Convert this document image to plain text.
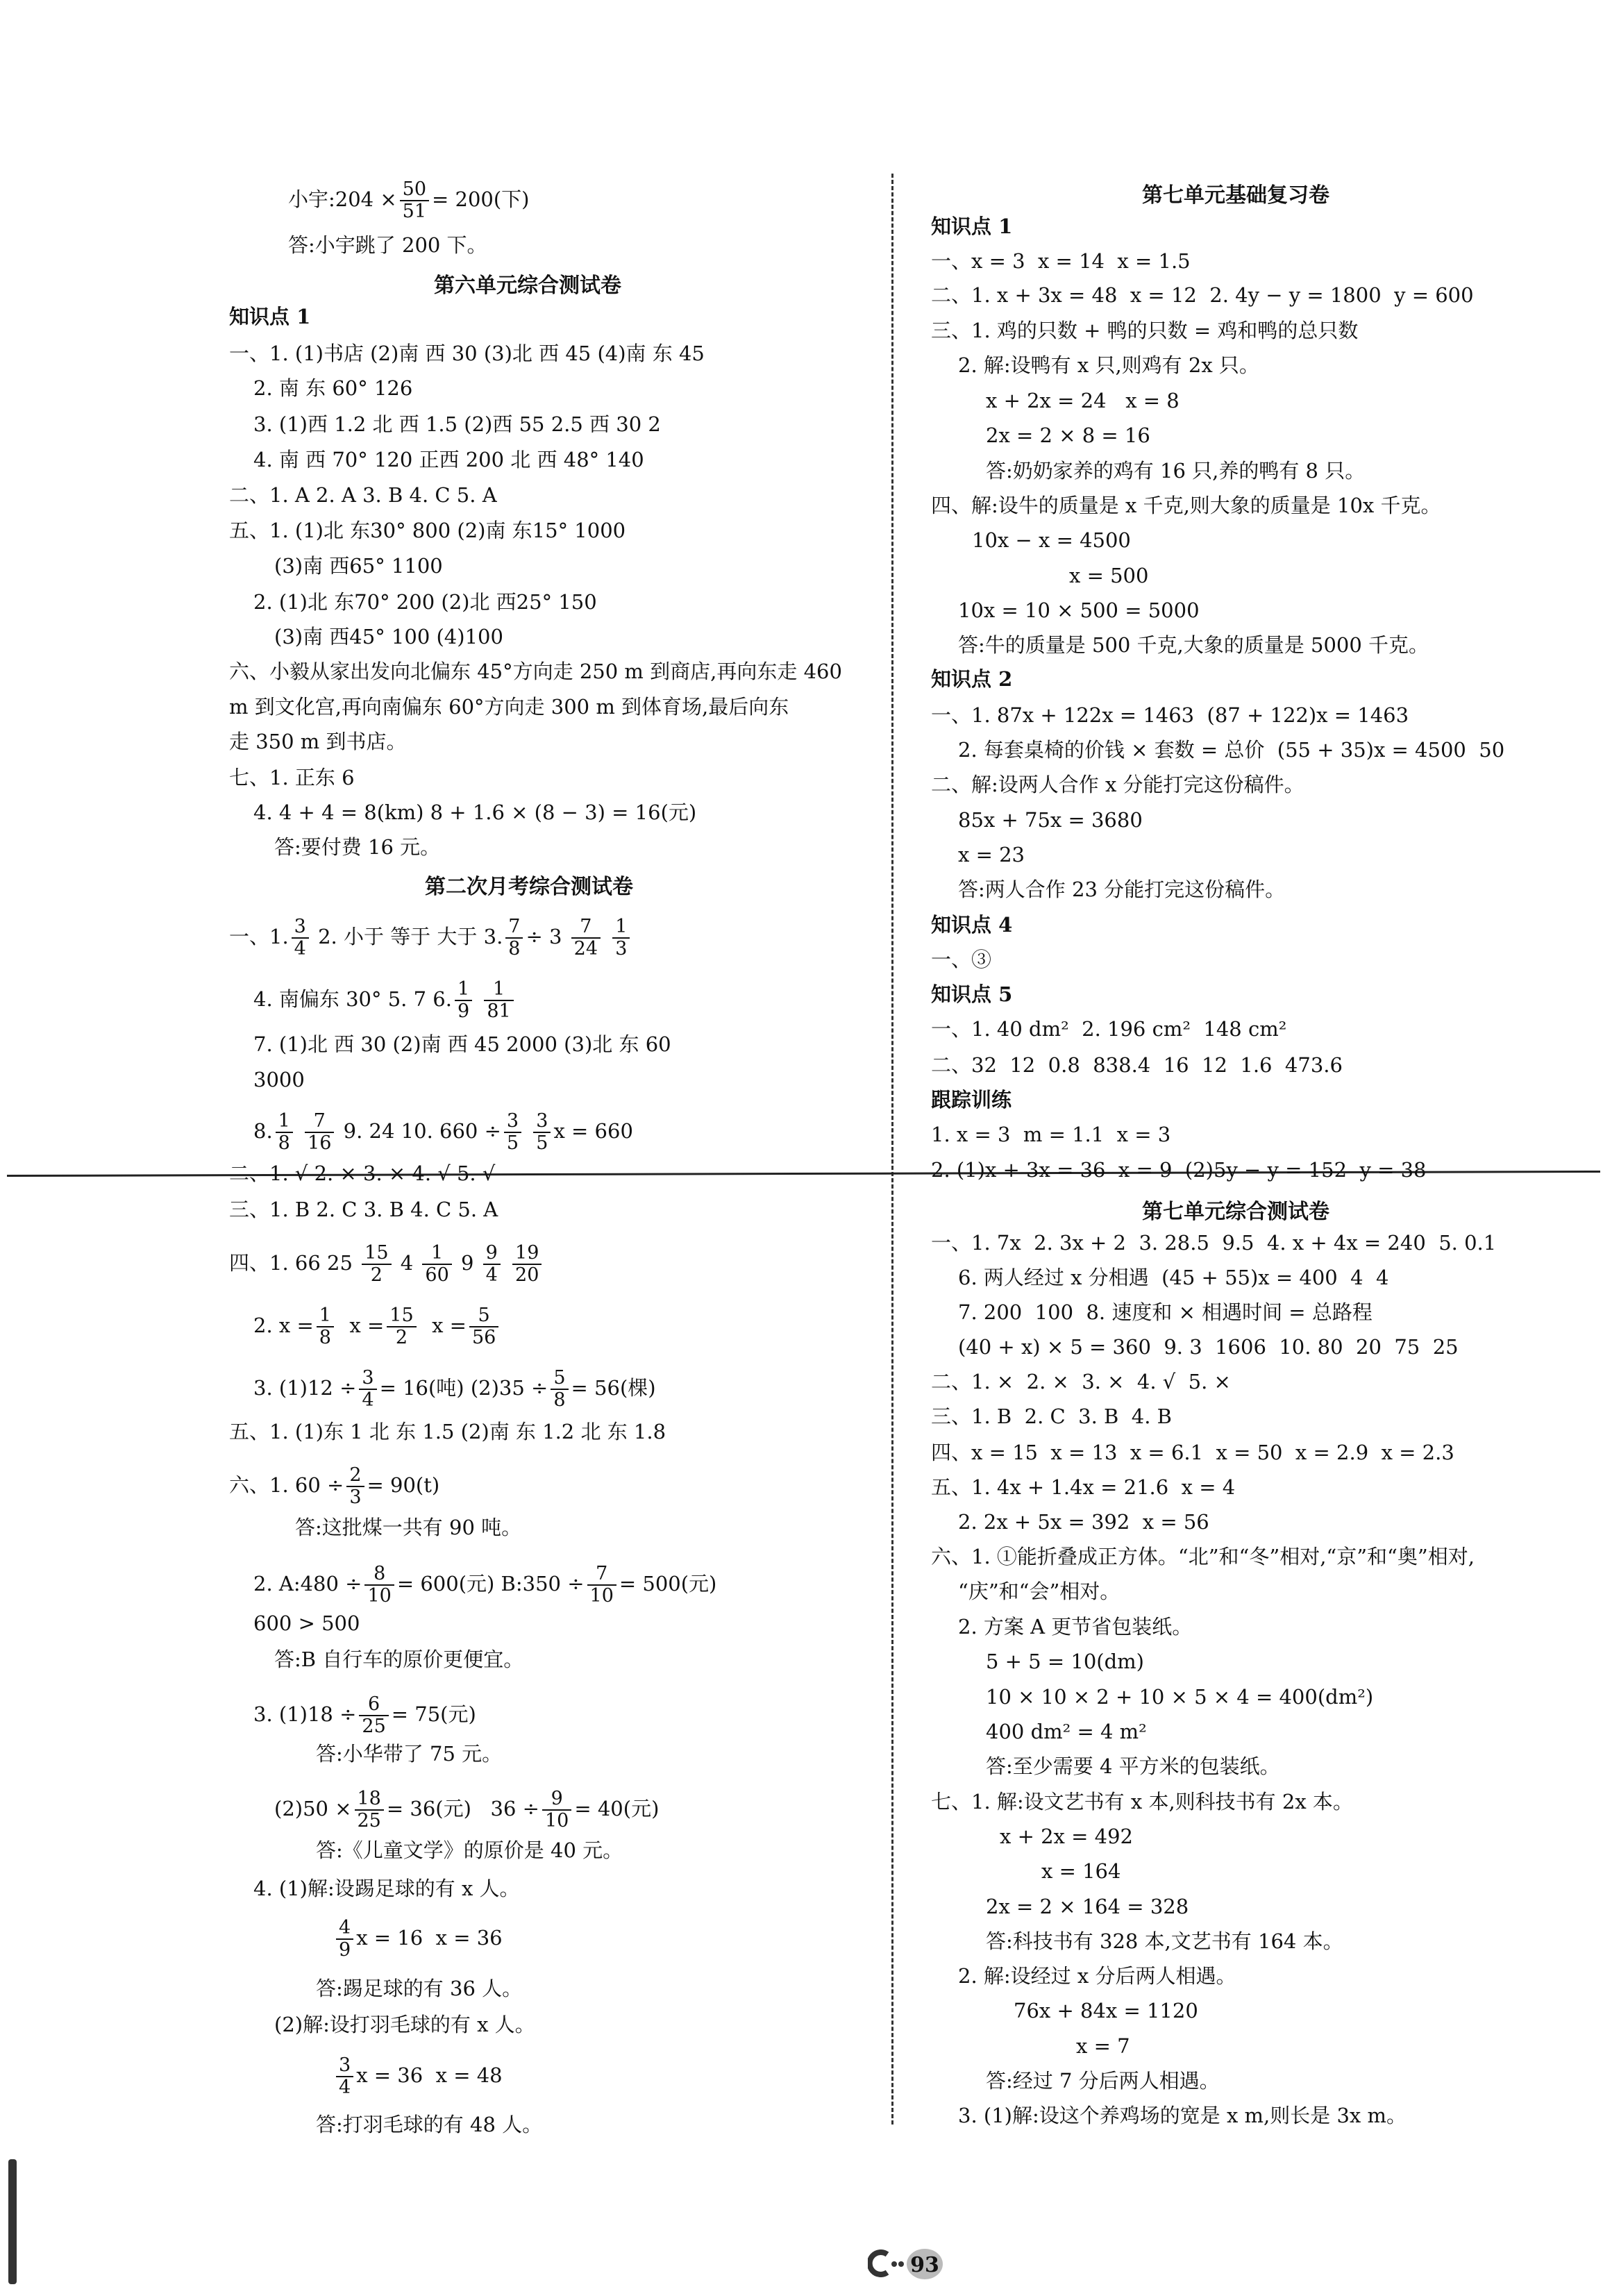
小宇:204 × $\frac{50}{51} = 200$(下)
答:小宇跳了 200 下。
第六单元综合测试卷
知识点 1
一、1. (1)书店 (2)南 西 30 (3)北 西 45 (4)南 东 45
2. 南 东 60° 126
3. (1)西 1.2 北 西 1.5 (2)西 55 2.5 西 30 2
4. 南 西 70° 120 正西 200 北 西 48° 140
二、1. A 2. A 3. B 4. C 5. A
五、1. (1)北 东30° 800 (2)南 东15° 1000
(3)南 西65° 1100
2. (1)北 东70° 200 (2)北 西25° 150
(3)南 西45° 100 (4)100
六、小毅从家出发向北偏东 45°方向走 250 m 到商店,再向东走 460
m 到文化宫,再向南偏东 60°方向走 300 m 到体育场,最后向东
走 350 m 到书店。
七、1. 正东 6
4. 4 + 4 = 8(km) 8 + 1.6 × (8 − 3) = 16(元)
答:要付费 16 元。
第二次月考综合测试卷
一、1. $\frac{3}{4} 2$. 小于 等于 大于 3. $\frac{7}{8} \div 3 \frac{7}{24}$
$\frac{1}{3}$
4. 南偏东 30° 5. 7 6. $\frac{1}{9}$
$\frac{1}{81}$
7. (1)北 西 30 (2)南 西 45 2000 (3)北 东 60
3000
8. $\frac{1}{8}$
$\frac{7}{16} 9$. 24 10. $660 \div \frac{3}{5}$
$\frac{3}{5}$ x = 660
二、1. √ 2. × 3. × 4. √ 5. √
三、1. B 2. C 3. B 4. C 5. A
四、1. 66 $25 \frac{15}{2} 4 \frac{1}{60} 9 \frac{9}{4}$
$\frac{19}{20}$
2. $x = \frac{1}{8}$ $x = \frac{15}{2}$ $x = \frac{5}{56}$
3. $(1)12 \div \frac{3}{4} = 16$(吨) $(2)35 \div \frac{5}{8} = 56$(棵)
五、1. (1)东 1 北 东 1.5 (2)南 东 1.2 北 东 1.8
六、1. $60 \div \frac{2}{3} = 90(t)$
答:这批煤一共有 90 吨。
2. A:480 ÷ $\frac{8}{10} = 600$(元) B:350 ÷ $\frac{7}{10} = 500$(元)
600 > 500
答:B 自行车的原价更便宜。
3. $(1)18 \div \frac{6}{25} = 75$(元)
答:小华带了 75 元。
$(2)50 \times \frac{18}{25} = 36$(元)   $36 \div \frac{9}{10} = 40$(元)
答:《儿童文学》的原价是 40 元。
4. (1)解:设踢足球的有 x 人。
$\frac{4}{9}$ x = 16  x = 36
答:踢足球的有 36 人。
(2)解:设打羽毛球的有 x 人。
$\frac{3}{4}$ x = 36  x = 48
答:打羽毛球的有 48 人。
第七单元基础复习卷
知识点 1
一、x = 3  x = 14  x = 1.5
二、1. x + 3x = 48  x = 12  2. 4y − y = 1800  y = 600
三、1. 鸡的只数 + 鸭的只数 = 鸡和鸭的总只数
2. 解:设鸭有 x 只,则鸡有 2x 只。
x + 2x = 24   x = 8
2x = 2 × 8 = 16
答:奶奶家养的鸡有 16 只,养的鸭有 8 只。
四、解:设牛的质量是 x 千克,则大象的质量是 10x 千克。
10x − x = 4500
x = 500
10x = 10 × 500 = 5000
答:牛的质量是 500 千克,大象的质量是 5000 千克。
知识点 2
一、1. 87x + 122x = 1463  (87 + 122)x = 1463
2. 每套桌椅的价钱 × 套数 = 总价  (55 + 35)x = 4500  50
二、解:设两人合作 x 分能打完这份稿件。
85x + 75x = 3680
x = 23
答:两人合作 23 分能打完这份稿件。
知识点 4
一、③
知识点 5
一、1. 40 dm²  2. 196 cm²  148 cm²
二、32  12  0.8  838.4  16  12  1.6  473.6
跟踪训练
1. x = 3  m = 1.1  x = 3
2. (1)x + 3x = 36  x = 9  (2)5y − y = 152  y = 38
第七单元综合测试卷
一、1. 7x  2. 3x + 2  3. 28.5  9.5  4. x + 4x = 240  5. 0.1
6. 两人经过 x 分相遇  (45 + 55)x = 400  4  4
7. 200  100  8. 速度和 × 相遇时间 = 总路程
(40 + x) × 5 = 360  9. 3  1606  10. 80  20  75  25
二、1. ×  2. ×  3. ×  4. √  5. ×
三、1. B  2. C  3. B  4. B
四、x = 15  x = 13  x = 6.1  x = 50  x = 2.9  x = 2.3
五、1. 4x + 1.4x = 21.6  x = 4
2. 2x + 5x = 392  x = 56
六、1. ①能折叠成正方体。“北”和“冬”相对,“京”和“奥”相对,
“庆”和“会”相对。
2. 方案 A 更节省包装纸。
5 + 5 = 10(dm)
10 × 10 × 2 + 10 × 5 × 4 = 400(dm²)
400 dm² = 4 m²
答:至少需要 4 平方米的包装纸。
七、1. 解:设文艺书有 x 本,则科技书有 2x 本。
x + 2x = 492
x = 164
2x = 2 × 164 = 328
答:科技书有 328 本,文艺书有 164 本。
2. 解:设经过 x 分后两人相遇。
76x + 84x = 1120
x = 7
答:经过 7 分后两人相遇。
3. (1)解:设这个养鸡场的宽是 x m,则长是 3x m。
93
